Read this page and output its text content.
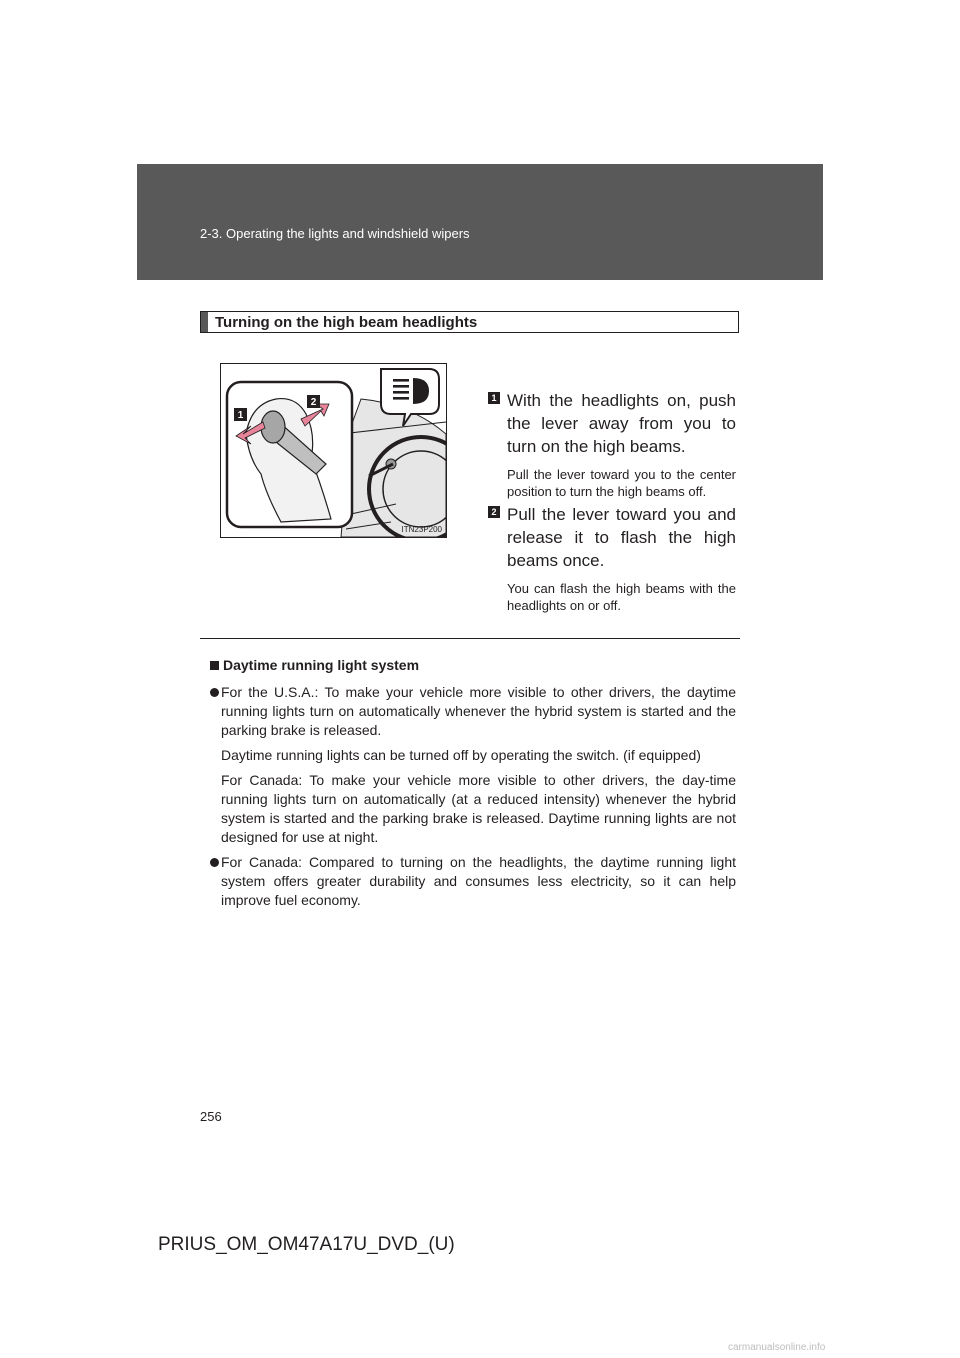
2-3. Operating the lights and windshield wipers
Turning on the high beam headlights
1
2
ITN23P200
1 With the headlights on, push the lever away from you to turn on the high beams.
Pull the lever toward you to the center position to turn the high beams off.
2 Pull the lever toward you and release it to flash the high beams once.
You can flash the high beams with the headlights on or off.
Daytime running light system
For the U.S.A.: To make your vehicle more visible to other drivers, the daytime running lights turn on automatically whenever the hybrid system is started and the parking brake is released.
Daytime running lights can be turned off by operating the switch. (if equipped)
For Canada: To make your vehicle more visible to other drivers, the day-time running lights turn on automatically (at a reduced intensity) whenever the hybrid system is started and the parking brake is released. Daytime running lights are not designed for use at night.
For Canada: Compared to turning on the headlights, the daytime running light system offers greater durability and consumes less electricity, so it can help improve fuel economy.
256
PRIUS_OM_OM47A17U_DVD_(U)
carmanualsonline.info
